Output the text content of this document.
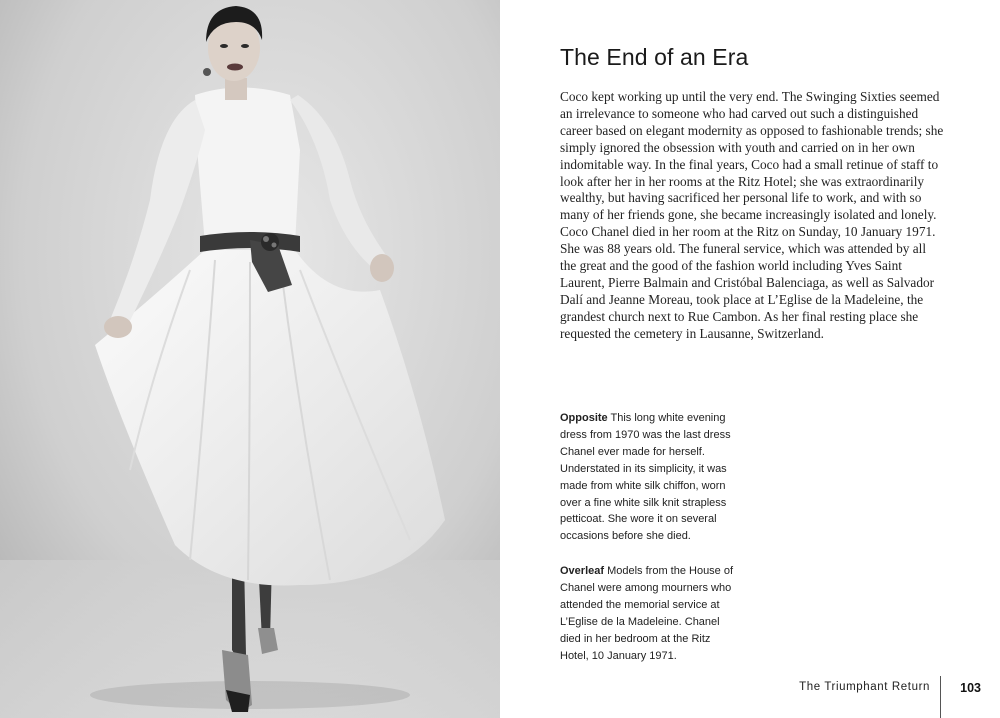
The End of an Era

Coco kept working up until the very end. The Swinging Sixties seemed an irrelevance to someone who had carved out such a distinguished career based on elegant modernity as opposed to fashionable trends; she simply ignored the obsession with youth and carried on in her own indomitable way. In the final years, Coco had a small retinue of staff to look after her in her rooms at the Ritz Hotel; she was extraordinarily wealthy, but having sacrificed her personal life to work, and with so many of her friends gone, she became increasingly isolated and lonely. Coco Chanel died in her room at the Ritz on Sunday, 10 January 1971. She was 88 years old. The funeral service, which was attended by all the great and the good of the fashion world including Yves Saint Laurent, Pierre Balmain and Cristóbal Balenciaga, as well as Salvador Dalí and Jeanne Moreau, took place at L’Eglise de la Madeleine, the grandest church next to Rue Cambon. As her final resting place she requested the cemetery in Lausanne, Switzerland.

Opposite This long white evening dress from 1970 was the last dress Chanel ever made for herself. Understated in its simplicity, it was made from white silk chiffon, worn over a fine white silk knit strapless petticoat. She wore it on several occasions before she died.

Overleaf Models from the House of Chanel were among mourners who attended the memorial service at L’Eglise de la Madeleine. Chanel died in her bedroom at the Ritz Hotel, 10 January 1971.

The Triumphant Return 103
